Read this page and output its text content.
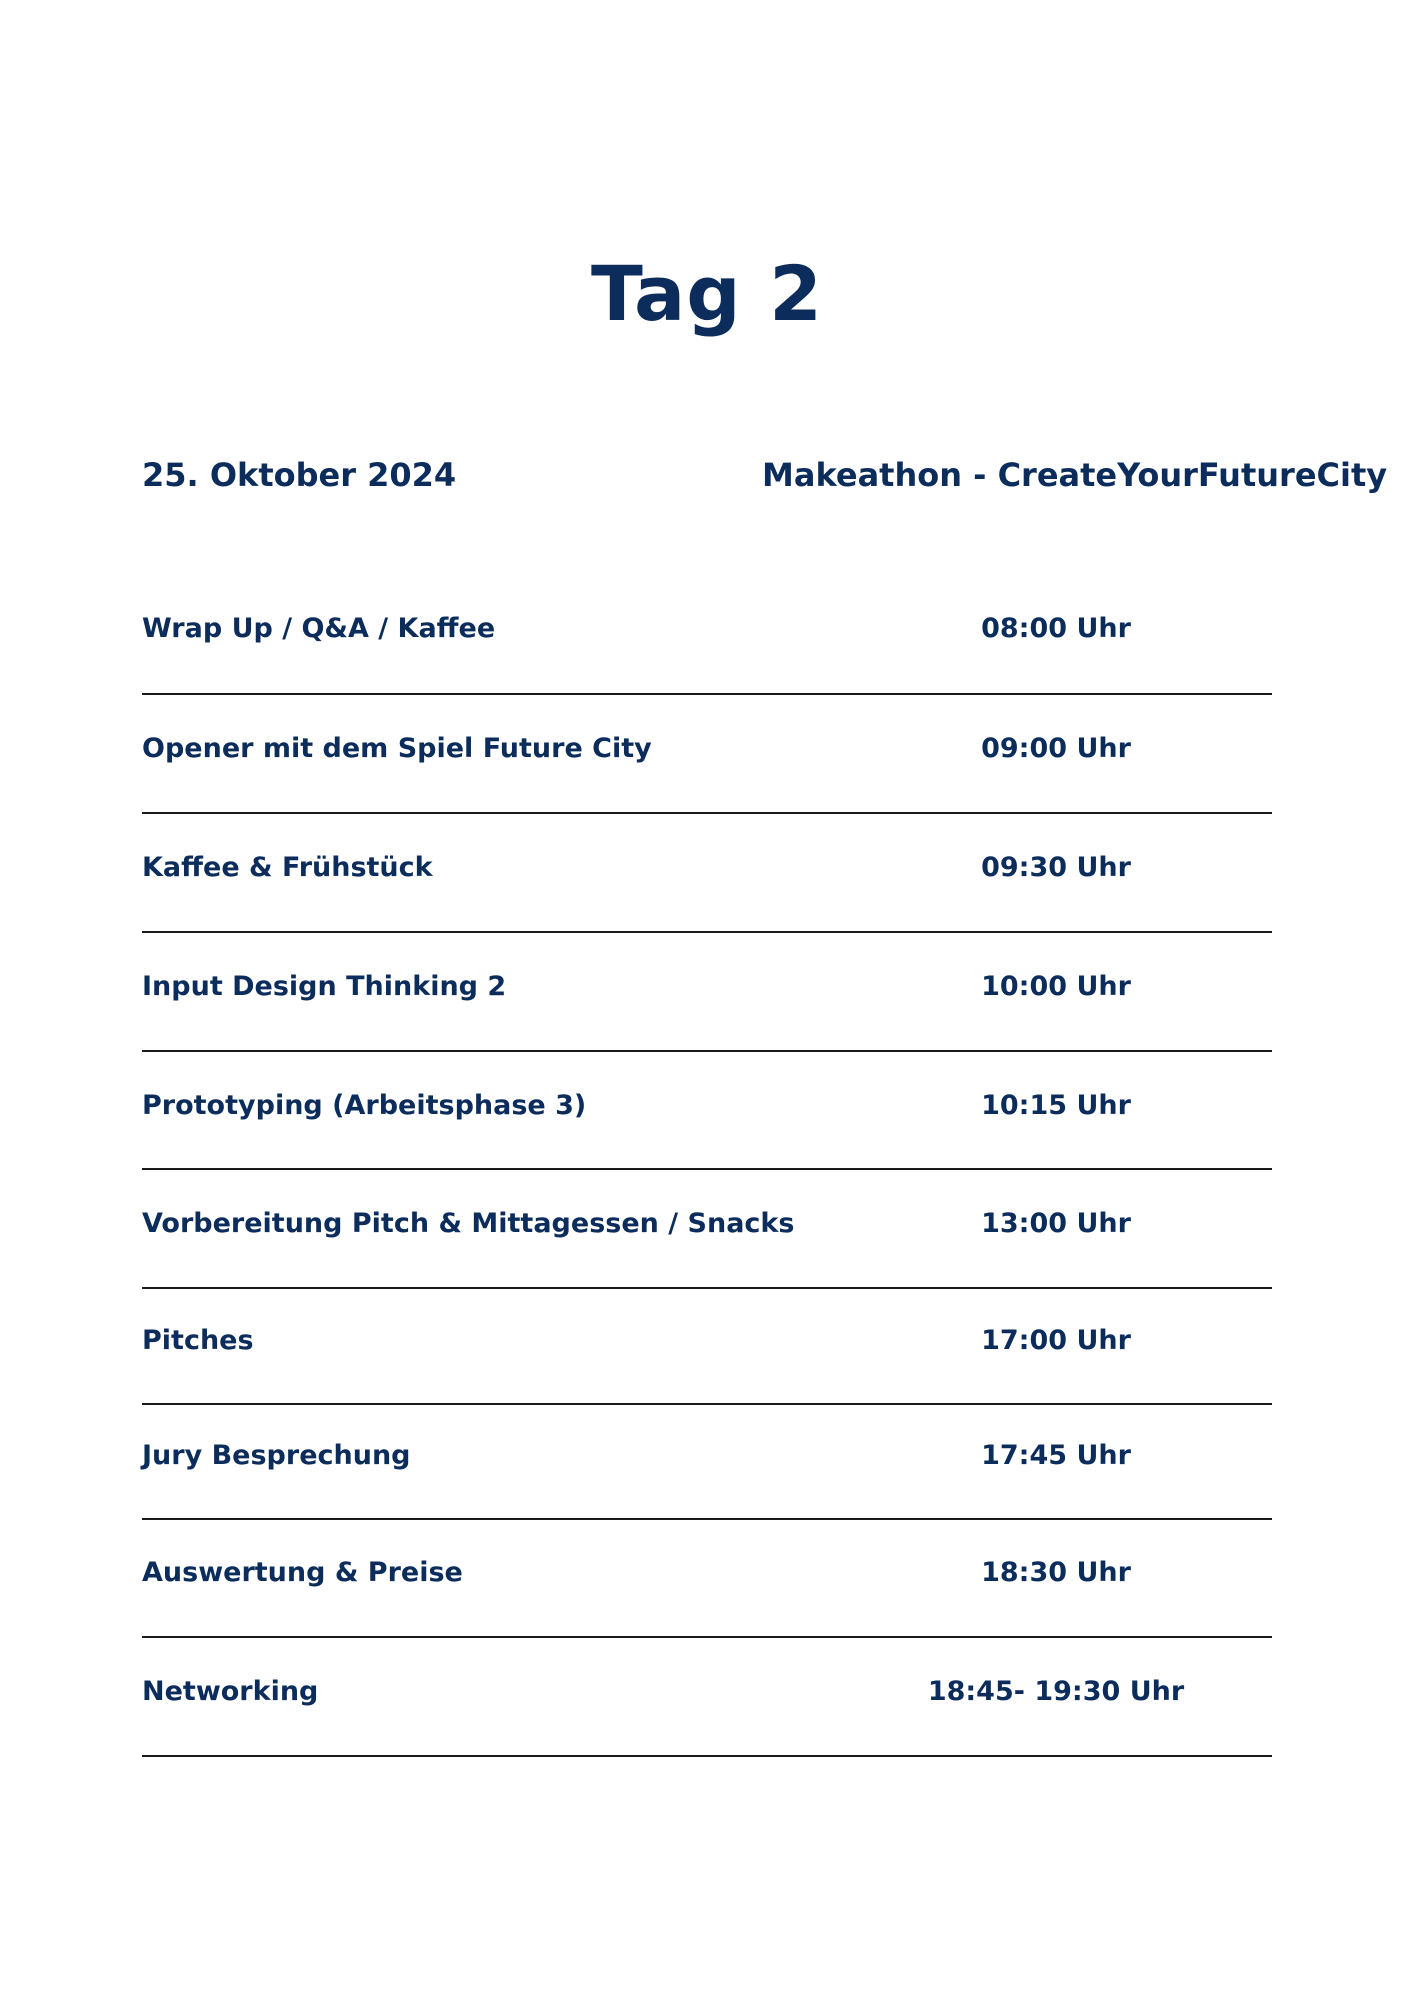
Tag 2
25. Oktober 2024	Makeathon - CreateYourFutureCity
Wrap Up / Q&A / Kaffee	08:00 Uhr
Opener mit dem Spiel Future City	09:00 Uhr
Kaffee & Frühstück	09:30 Uhr
Input Design Thinking 2	10:00 Uhr
Prototyping (Arbeitsphase 3)	10:15 Uhr
Vorbereitung Pitch & Mittagessen / Snacks	13:00 Uhr
Pitches	17:00 Uhr
Jury Besprechung	17:45 Uhr
Auswertung & Preise	18:30 Uhr
Networking	18:45- 19:30 Uhr
